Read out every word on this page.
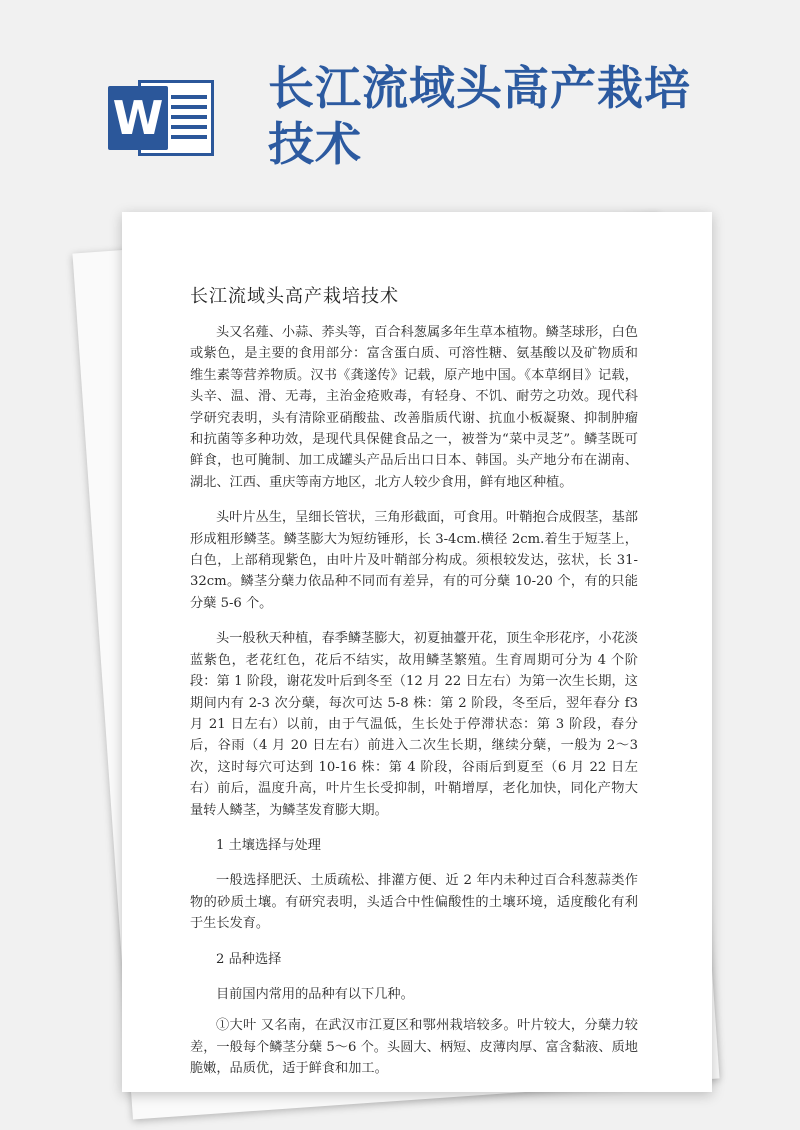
W
长江流域头高产栽培技术
长江流域头高产栽培技术

头又名薤、小蒜、荞头等，百合科葱属多年生草本植物。鳞茎球形，白色或紫色，是主要的食用部分：富含蛋白质、可溶性糖、氨基酸以及矿物质和维生素等营养物质。汉书《龚遂传》记载，原产地中国。《本草纲目》记载，头辛、温、滑、无毒，主治金疮败毒，有轻身、不饥、耐劳之功效。现代科学研究表明，头有清除亚硝酸盐、改善脂质代谢、抗血小板凝聚、抑制肿瘤和抗菌等多种功效，是现代具保健食品之一，被誉为“菜中灵芝”。鳞茎既可鲜食，也可腌制、加工成罐头产品后出口日本、韩国。头产地分布在湖南、湖北、江西、重庆等南方地区，北方人较少食用，鲜有地区种植。

头叶片丛生，呈细长管状，三角形截面，可食用。叶鞘抱合成假茎，基部形成粗形鳞茎。鳞茎膨大为短纺锤形，长 3-4cm.横径 2cm.着生于短茎上，白色，上部稍现紫色，由叶片及叶鞘部分构成。须根较发达，弦状，长 31-32cm。鳞茎分蘖力依品种不同而有差异，有的可分蘖 10-20 个，有的只能分蘖 5-6 个。

头一般秋天种植，春季鳞茎膨大，初夏抽薹开花，顶生伞形花序，小花淡蓝紫色，老花红色，花后不结实，故用鳞茎繁殖。生育周期可分为 4 个阶段：第 1 阶段，谢花发叶后到冬至（12 月 22 日左右）为第一次生长期，这期间内有 2-3 次分蘖，每次可达 5-8 株：第 2 阶段，冬至后，翌年春分 f3 月 21 日左右）以前，由于气温低，生长处于停滞状态：第 3 阶段，春分后，谷雨（4 月 20 日左右）前进入二次生长期，继续分蘖，一般为 2～3 次，这时每穴可达到 10-16 株：第 4 阶段，谷雨后到夏至（6 月 22 日左右）前后，温度升高，叶片生长受抑制，叶鞘增厚，老化加快，同化产物大量转人鳞茎，为鳞茎发育膨大期。

1 土壤选择与处理

一般选择肥沃、土质疏松、排灌方便、近 2 年内未种过百合科葱蒜类作物的砂质土壤。有研究表明，头适合中性偏酸性的土壤环境，适度酸化有利于生长发育。

2 品种选择

目前国内常用的品种有以下几种。

①大叶 又名南，在武汉市江夏区和鄂州栽培较多。叶片较大，分蘖力较差，一般每个鳞茎分蘖 5～6 个。头圆大、柄短、皮薄肉厚、富含黏液、质地脆嫩，品质优，适于鲜食和加工。
